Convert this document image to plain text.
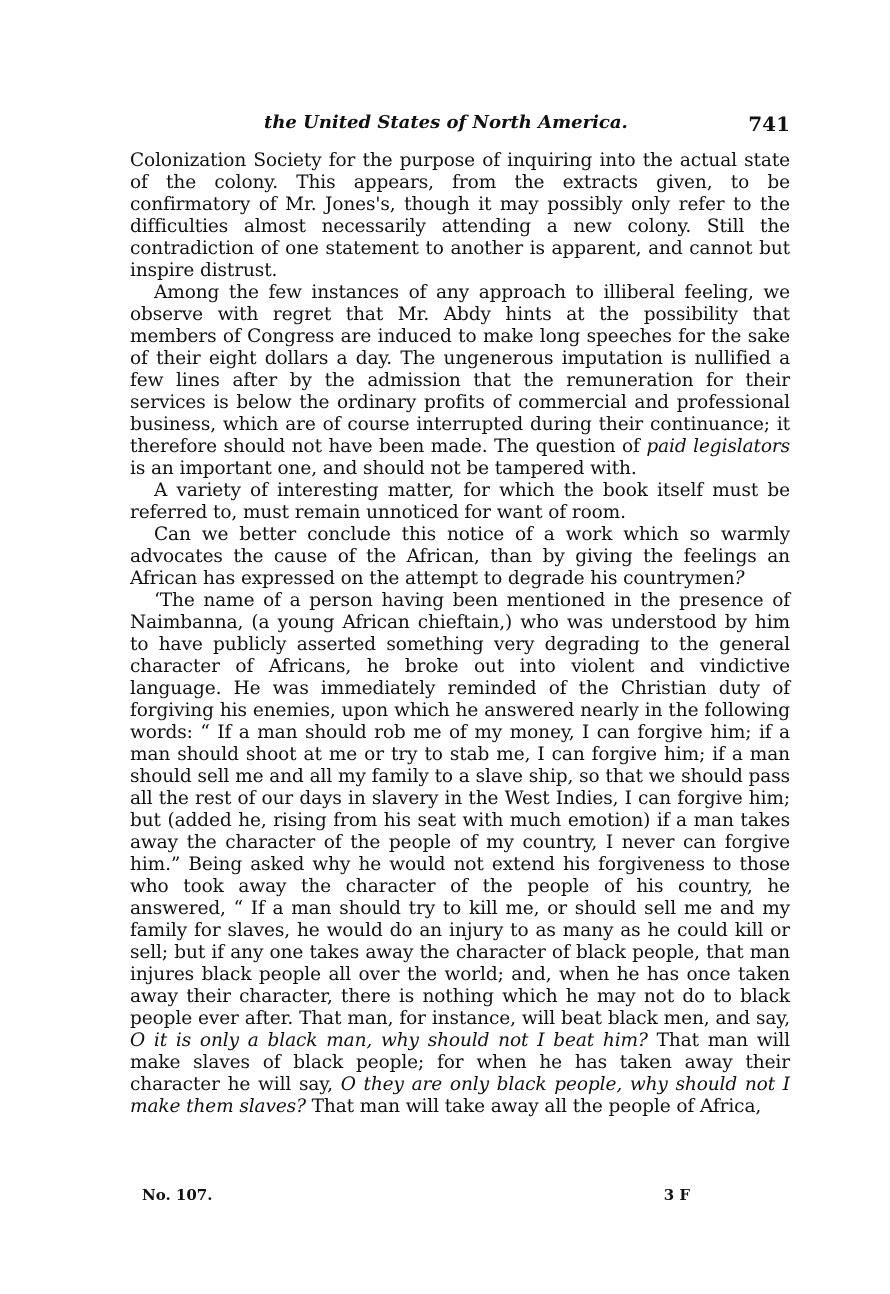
the United States of North America.	741

Colonization Society for the purpose of inquiring into the actual state of the colony. This appears, from the extracts given, to be confirmatory of Mr. Jones's, though it may possibly only refer to the difficulties almost necessarily attending a new colony. Still the contradiction of one statement to another is apparent, and cannot but inspire distrust.

Among the few instances of any approach to illiberal feeling, we observe with regret that Mr. Abdy hints at the possibility that members of Congress are induced to make long speeches for the sake of their eight dollars a day. The ungenerous imputation is nullified a few lines after by the admission that the remuneration for their services is below the ordinary profits of commercial and professional business, which are of course interrupted during their continuance; it therefore should not have been made. The question of paid legislators is an important one, and should not be tampered with.

A variety of interesting matter, for which the book itself must be referred to, must remain unnoticed for want of room.

Can we better conclude this notice of a work which so warmly advocates the cause of the African, than by giving the feelings an African has expressed on the attempt to degrade his countrymen?

‘The name of a person having been mentioned in the presence of Naimbanna, (a young African chieftain,) who was understood by him to have publicly asserted something very degrading to the general character of Africans, he broke out into violent and vindictive language. He was immediately reminded of the Christian duty of forgiving his enemies, upon which he answered nearly in the following words: “ If a man should rob me of my money, I can forgive him; if a man should shoot at me or try to stab me, I can forgive him; if a man should sell me and all my family to a slave ship, so that we should pass all the rest of our days in slavery in the West Indies, I can forgive him; but (added he, rising from his seat with much emotion) if a man takes away the character of the people of my country, I never can forgive him.” Being asked why he would not extend his forgiveness to those who took away the character of the people of his country, he answered, “ If a man should try to kill me, or should sell me and my family for slaves, he would do an injury to as many as he could kill or sell; but if any one takes away the character of black people, that man injures black people all over the world; and, when he has once taken away their character, there is nothing which he may not do to black people ever after. That man, for instance, will beat black men, and say, O it is only a black man, why should not I beat him? That man will make slaves of black people; for when he has taken away their character he will say, O they are only black people, why should not I make them slaves? That man will take away all the people of Africa,

No. 107.	3 F
